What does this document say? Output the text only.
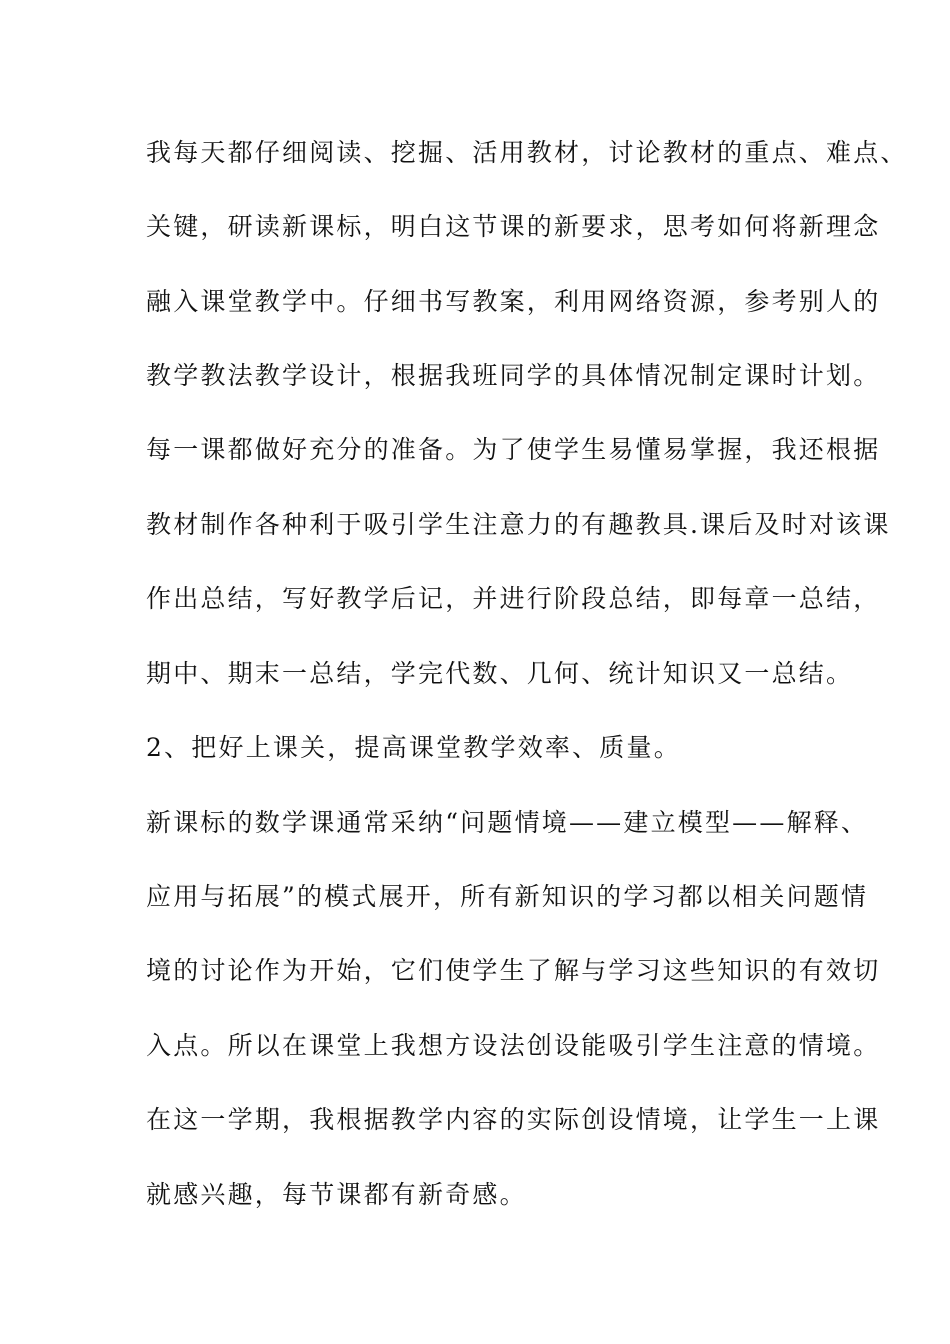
我每天都仔细阅读、挖掘、活用教材，讨论教材的重点、难点、
关键，研读新课标，明白这节课的新要求，思考如何将新理念
融入课堂教学中。仔细书写教案，利用网络资源，参考别人的
教学教法教学设计，根据我班同学的具体情况制定课时计划。
每一课都做好充分的准备。为了使学生易懂易掌握，我还根据
教材制作各种利于吸引学生注意力的有趣教具.课后及时对该课
作出总结，写好教学后记，并进行阶段总结，即每章一总结，
期中、期末一总结，学完代数、几何、统计知识又一总结。
2、把好上课关，提高课堂教学效率、质量。
新课标的数学课通常采纳“问题情境——建立模型——解释、
应用与拓展”的模式展开，所有新知识的学习都以相关问题情
境的讨论作为开始，它们使学生了解与学习这些知识的有效切
入点。所以在课堂上我想方设法创设能吸引学生注意的情境。
在这一学期，我根据教学内容的实际创设情境，让学生一上课
就感兴趣，每节课都有新奇感。
